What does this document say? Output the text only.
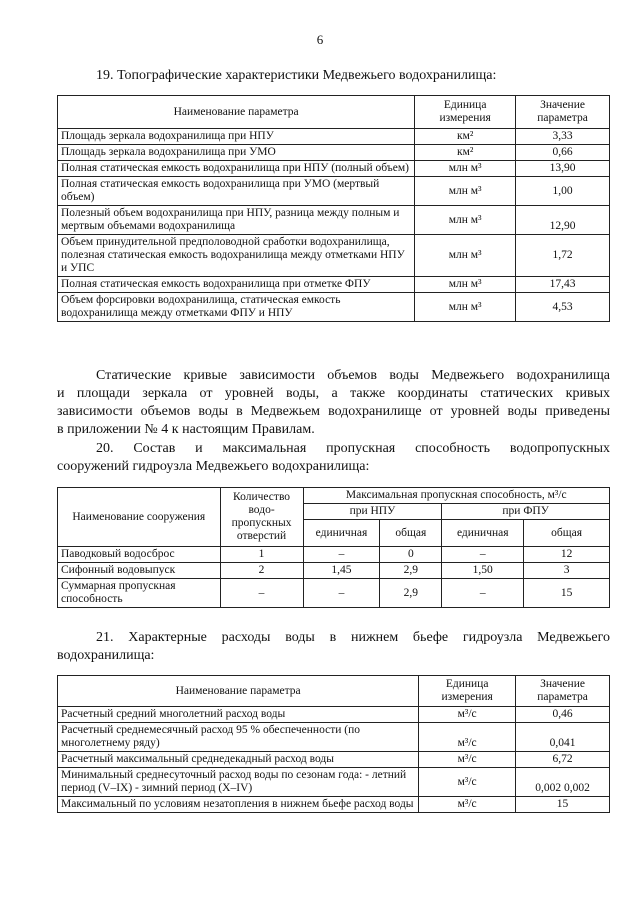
6
19. Топографические характеристики Медвежьего водохранилища:
Наименование параметра	Единица измерения	Значение параметра
Площадь зеркала водохранилища при НПУ	км²	3,33
Площадь зеркала водохранилища при УМО	км²	0,66
Полная статическая емкость водохранилища при НПУ (полный объем)	млн м³	13,90
Полная статическая емкость водохранилища при УМО (мертвый объем)	млн м³	1,00
Полезный объем водохранилища при НПУ, разница между полным и мертвым объемами водохранилища	млн м³	12,90
Объем принудительной предполоводной сработки водохранилища, полезная статическая емкость водохранилища между отметками НПУ и УПС	млн м³	1,72
Полная статическая емкость водохранилища при отметке ФПУ	млн м³	17,43
Объем форсировки водохранилища, статическая емкость водохранилища между отметками ФПУ и НПУ	млн м³	4,53
Статические кривые зависимости объемов воды Медвежьего водохранилища
и площади зеркала от уровней воды, а также координаты статических кривых
зависимости объемов воды в Медвежьем водохранилище от уровней воды приведены
в приложении № 4 к настоящим Правилам.
20. Состав и максимальная пропускная способность водопропускных
сооружений гидроузла Медвежьего водохранилища:
Наименование сооружения	Количество водо-пропускных отверстий	Максимальная пропускная способность, м³/с			
		при НПУ		при ФПУ	
		единичная	общая	единичная	общая
Паводковый водосброс	1	–	0	–	12
Сифонный водовыпуск	2	1,45	2,9	1,50	3
Суммарная пропускная способность	–	–	2,9	–	15
21. Характерные расходы воды в нижнем бьефе гидроузла Медвежьего
водохранилища:
Наименование параметра	Единица измерения	Значение параметра
Расчетный средний многолетний расход воды	м³/с	0,46
Расчетный среднемесячный расход 95 % обеспеченности (по многолетнему ряду)	м³/с	0,041
Расчетный максимальный среднедекадный расход воды	м³/с	6,72
Минимальный среднесуточный расход воды по сезонам года: - летний период (V–IX) - зимний период (X–IV)	м³/с	0,002 0,002
Максимальный по условиям незатопления в нижнем бьефе расход воды	м³/с	15
